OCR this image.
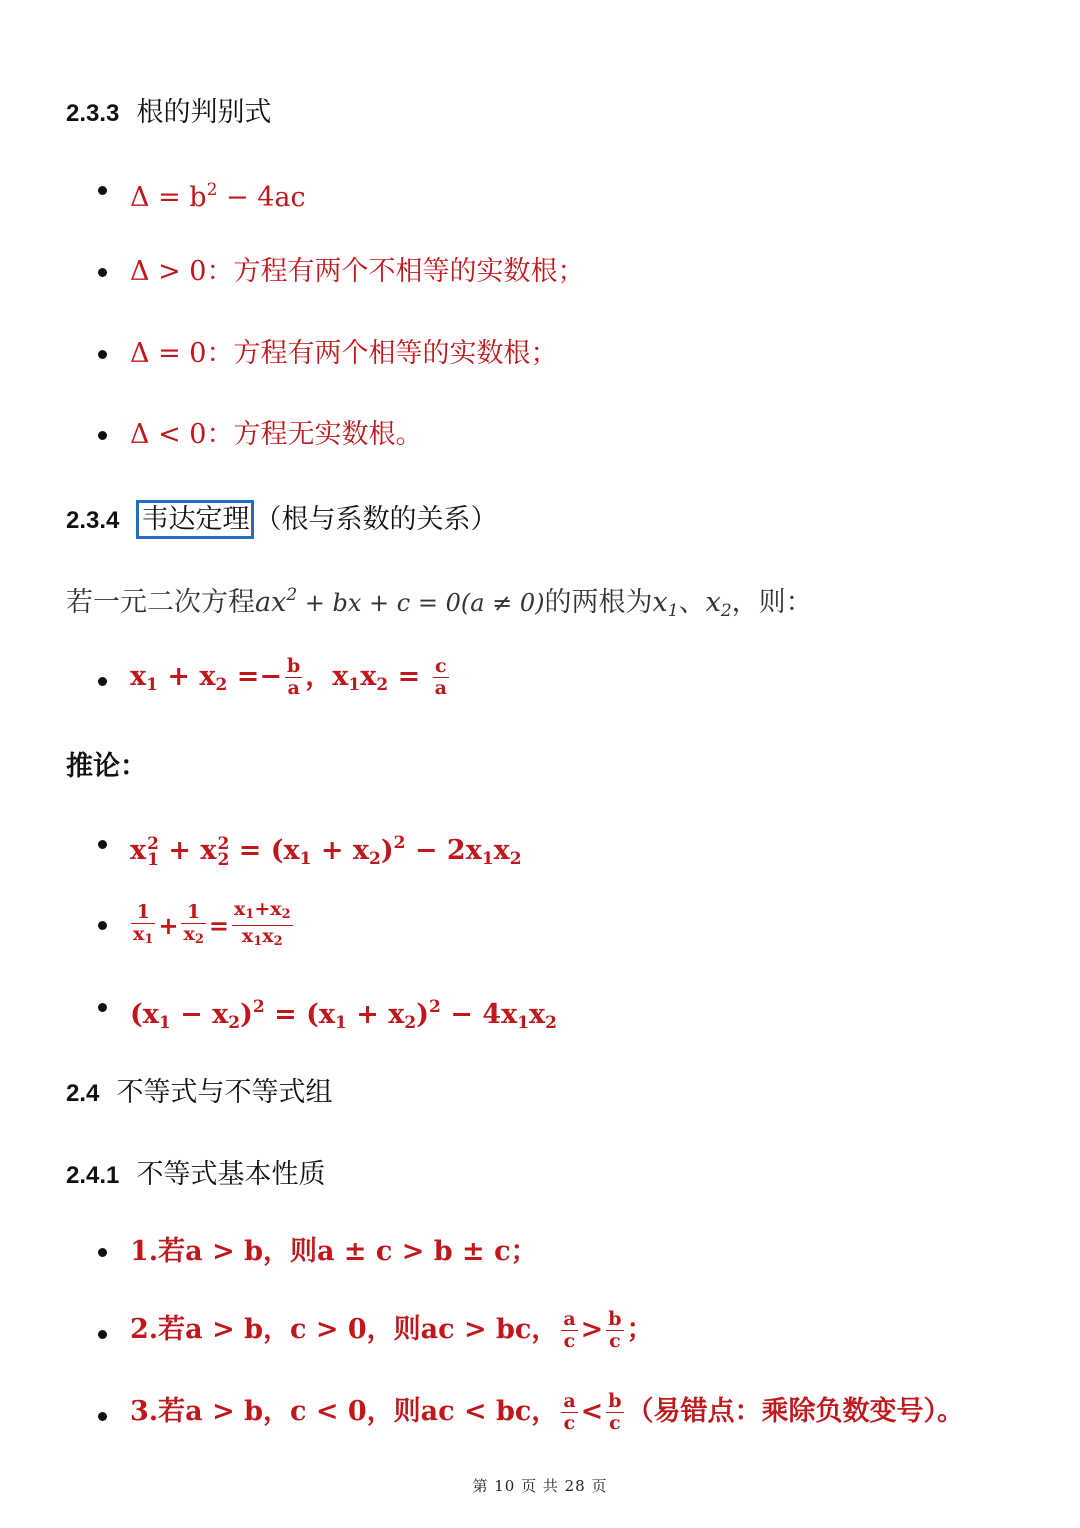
2.3.3 根的判别式
$\Delta = b^2 - 4ac$
Δ > 0：方程有两个不相等的实数根；
Δ = 0：方程有两个相等的实数根；
Δ < 0：方程无实数根。
2.3.4 韦达定理 （根与系数的关系）
若一元二次方程$ax^2$ + bx + c = 0(a ≠ 0)的两根为$x_1$、$x_2$，则：
$x_1 + x_2 =- \frac{b}{a}$ ，$x_1x_2 = \frac{c}{a}$
推论：
x 2
1 + x 2
$2 = (x_1 + x_2)^2 - 2x_1x_2$
$\frac{1}{x_1} + \frac{1}{x_2} = \frac{x_1+x_2}{x_1x_2}$
$(x_1 - x_2)^2 = (x_1 + x_2)^2 - 4x_1x_2$
2.4 不等式与不等式组
2.4.1 不等式基本性质
1.若a > b，则a ± c > b ± c；
2.若a > b，c > 0，则ac > bc， $\frac{a}{c} > \frac{b}{c}$ ；
3.若a > b，c < 0，则ac < bc， $\frac{a}{c} < \frac{b}{c}$ （易错点：乘除负数变号）。
第 10 页 共 28 页
